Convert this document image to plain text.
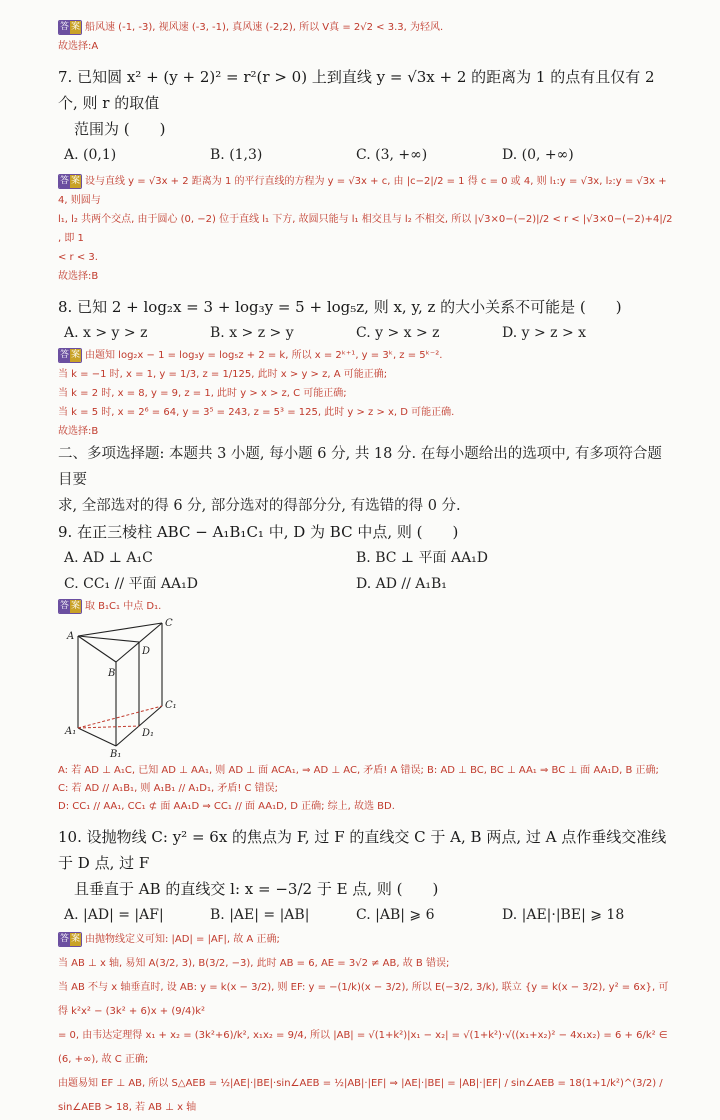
答 案 船风速 (-1, -3), 视风速 (-3, -1), 真风速 (-2,2), 所以 V真 = 2√2 < 3.3, 为轻风.
故选择:A
7. 已知圆 x² + (y + 2)² = r²(r > 0) 上到直线 y = √3x + 2 的距离为 1 的点有且仅有 2 个, 则 r 的取值
范围为 (　　)
A. (0,1)	B. (1,3)	C. (3, +∞)	D. (0, +∞)
答 案 设与直线 y = √3x + 2 距离为 1 的平行直线的方程为 y = √3x + c, 由 |c−2|/2 = 1 得 c = 0 或 4, 则 l₁:y = √3x, l₂:y = √3x + 4, 则圆与
l₁, l₂ 共两个交点, 由于圆心 (0, −2) 位于直线 l₁ 下方, 故圆只能与 l₁ 相交且与 l₂ 不相交, 所以 |√3×0−(−2)|/2 < r < |√3×0−(−2)+4|/2 , 即 1
< r < 3.
故选择:B
8. 已知 2 + log₂x = 3 + log₃y = 5 + log₅z, 则 x, y, z 的大小关系不可能是 (　　)
A. x > y > z	B. x > z > y	C. y > x > z	D. y > z > x
答 案 由题知 log₂x − 1 = log₃y = log₅z + 2 = k, 所以 x = 2ᵏ⁺¹, y = 3ᵏ, z = 5ᵏ⁻².
当 k = −1 时, x = 1, y = 1/3, z = 1/125, 此时 x > y > z, A 可能正确;
当 k = 2 时, x = 8, y = 9, z = 1, 此时 y > x > z, C 可能正确;
当 k = 5 时, x = 2⁶ = 64, y = 3⁵ = 243, z = 5³ = 125, 此时 y > z > x, D 可能正确.
故选择:B
二、多项选择题: 本题共 3 小题, 每小题 6 分, 共 18 分. 在每小题给出的选项中, 有多项符合题目要
求, 全部选对的得 6 分, 部分选对的得部分分, 有选错的得 0 分.
9. 在正三棱柱 ABC − A₁B₁C₁ 中, D 为 BC 中点, 则 (　　)
A. AD ⊥ A₁C	B. BC ⊥ 平面 AA₁D
C. CC₁ // 平面 AA₁D	D. AD // A₁B₁
答 案 取 B₁C₁ 中点 D₁.
A
B
C
D
A₁
B₁
C₁
D₁
A: 若 AD ⊥ A₁C, 已知 AD ⊥ AA₁, 则 AD ⊥ 面 ACA₁, ⇒ AD ⊥ AC, 矛盾! A 错误; B: AD ⊥ BC, BC ⊥ AA₁ ⇒ BC ⊥ 面 AA₁D, B 正确;
C: 若 AD // A₁B₁, 则 A₁B₁ // A₁D₁, 矛盾! C 错误;
D: CC₁ // AA₁, CC₁ ⊄ 面 AA₁D ⇒ CC₁ // 面 AA₁D, D 正确; 综上, 故选 BD.
10. 设抛物线 C: y² = 6x 的焦点为 F, 过 F 的直线交 C 于 A, B 两点, 过 A 点作垂线交准线于 D 点, 过 F
且垂直于 AB 的直线交 l: x = −3/2 于 E 点, 则 (　　)
A. |AD| = |AF|	B. |AE| = |AB|	C. |AB| ⩾ 6	D. |AE|·|BE| ⩾ 18
答 案 由抛物线定义可知: |AD| = |AF|, 故 A 正确;
当 AB ⊥ x 轴, 易知 A(3/2, 3), B(3/2, −3), 此时 AB = 6, AE = 3√2 ≠ AB, 故 B 错误;
当 AB 不与 x 轴垂直时, 设 AB: y = k(x − 3/2), 则 EF: y = −(1/k)(x − 3/2), 所以 E(−3/2, 3/k), 联立 {y = k(x − 3/2), y² = 6x}, 可得 k²x² − (3k² + 6)x + (9/4)k²
= 0, 由韦达定理得 x₁ + x₂ = (3k²+6)/k², x₁x₂ = 9/4, 所以 |AB| = √(1+k²)|x₁ − x₂| = √(1+k²)·√((x₁+x₂)² − 4x₁x₂) = 6 + 6/k² ∈ (6, +∞), 故 C 正确;
由题易知 EF ⊥ AB, 所以 S△AEB = ½|AE|·|BE|·sin∠AEB = ½|AB|·|EF| ⇒ |AE|·|BE| = |AB|·|EF| / sin∠AEB = 18(1+1/k²)^(3/2) / sin∠AEB > 18, 若 AB ⊥ x 轴
